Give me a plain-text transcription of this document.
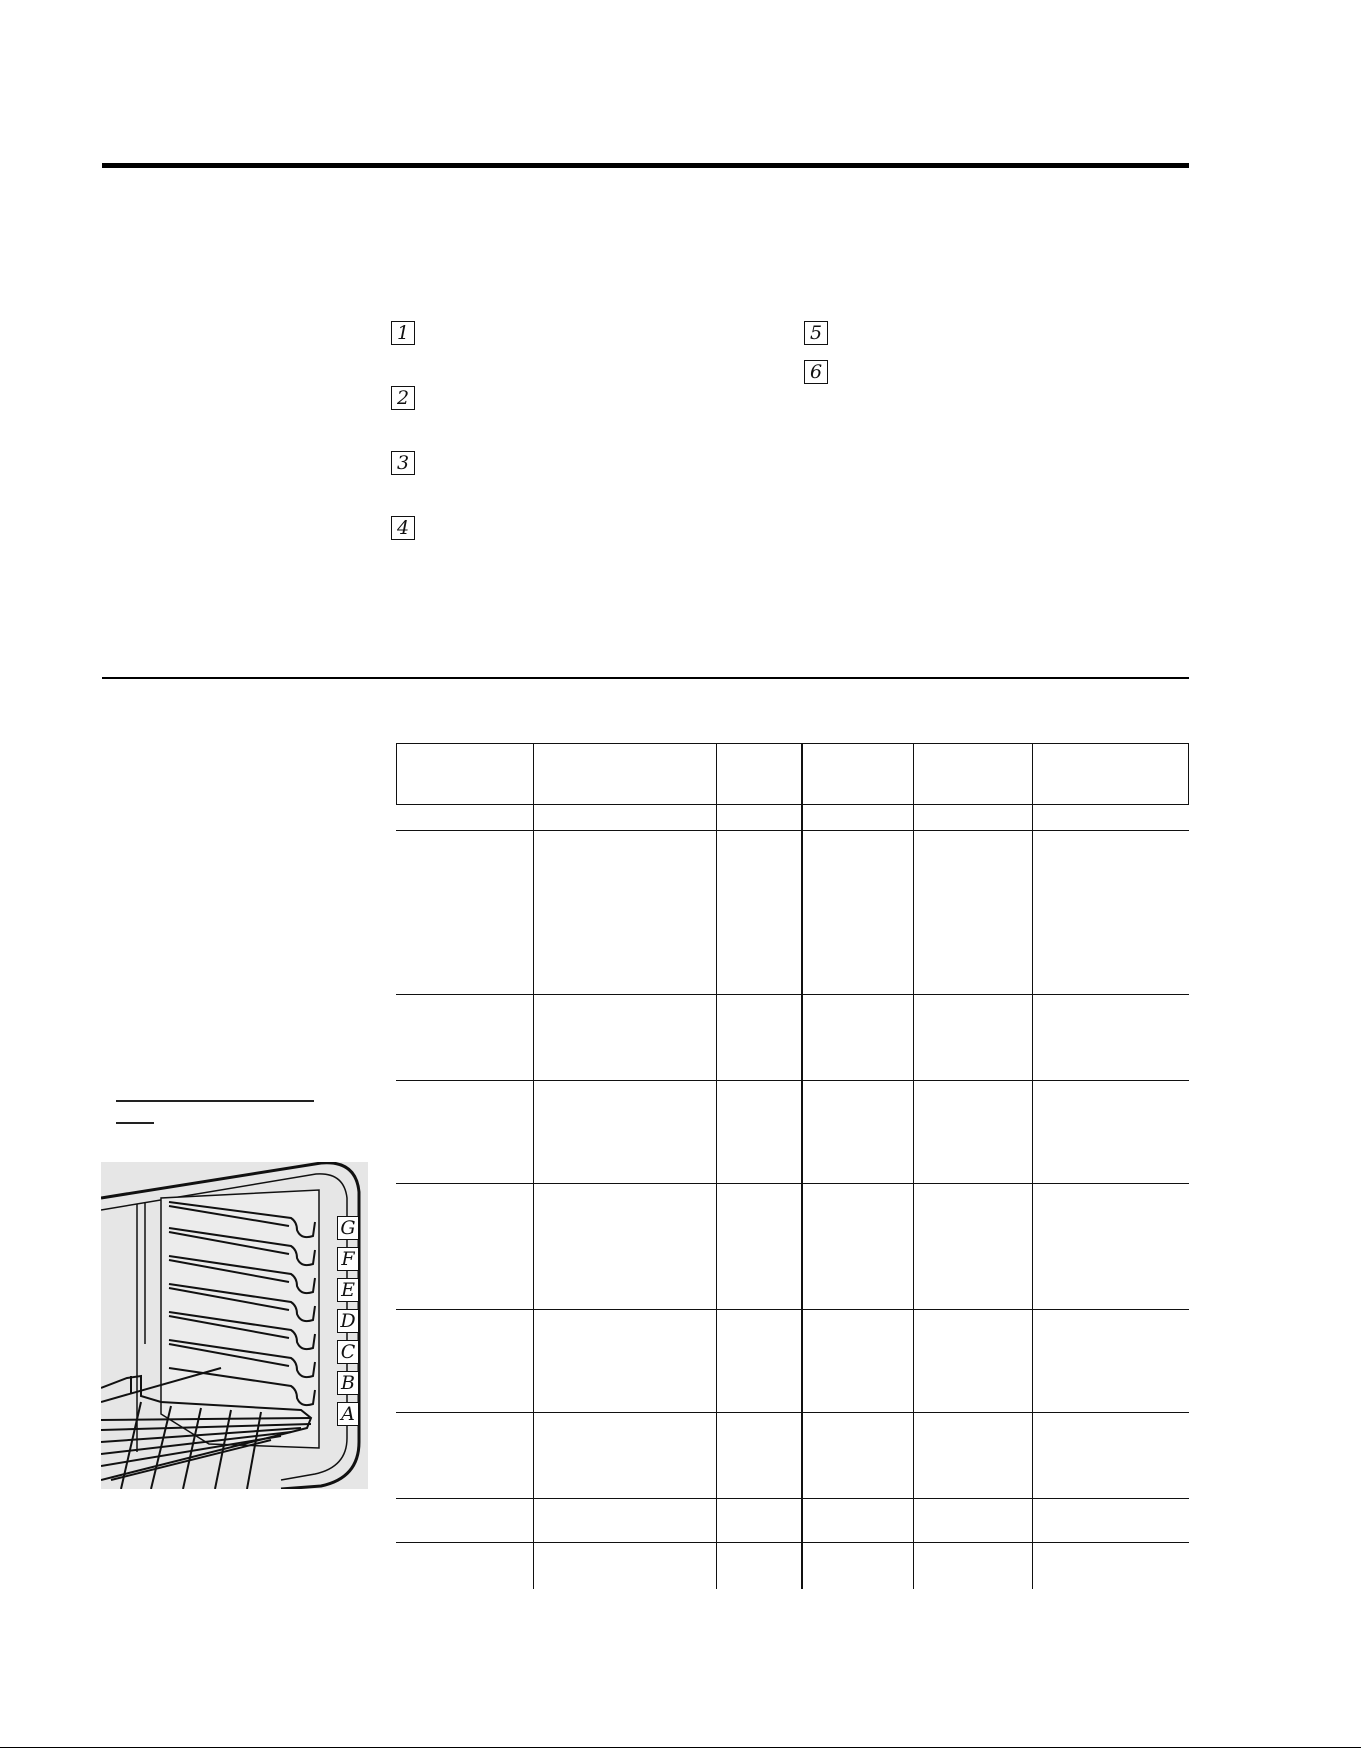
1
2
3
4
5
6
G
F
E
D
C
B
A
